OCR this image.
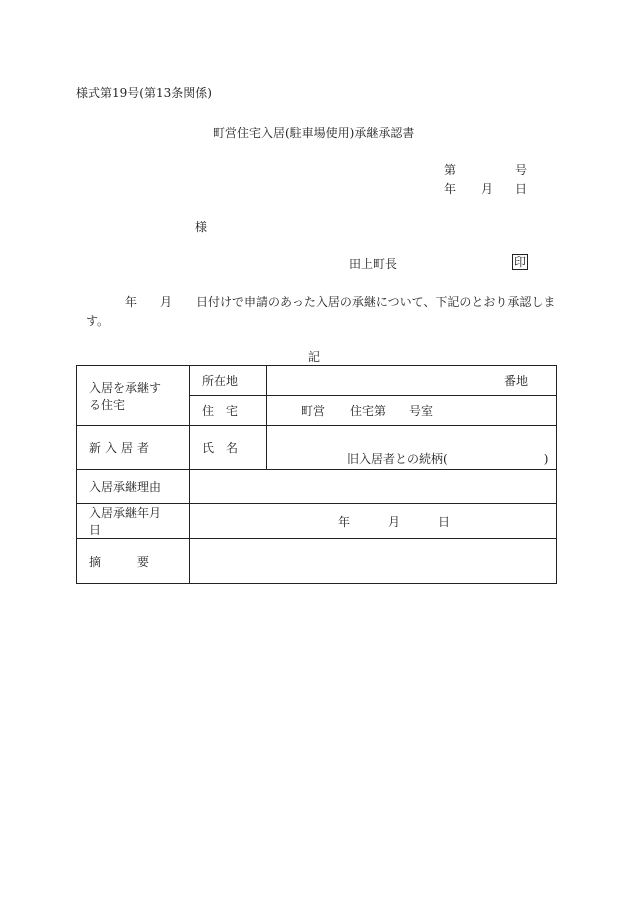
様式第19号(第13条関係)
町営住宅入居(駐車場使用)承継承認書
第	号
年 月 日
様
田上町長	印
年 月 日付けで申請のあった入居の承継について、下記のとおり承認しま
す。
記
入居を承継す
る住宅	所在地	番地

	住　宅	町営 住宅第 号室
新入居者	氏　名	旧入居者との続柄( )

入居承継理由		

入居承継年月
日	年 月 日	
摘　　　要		
